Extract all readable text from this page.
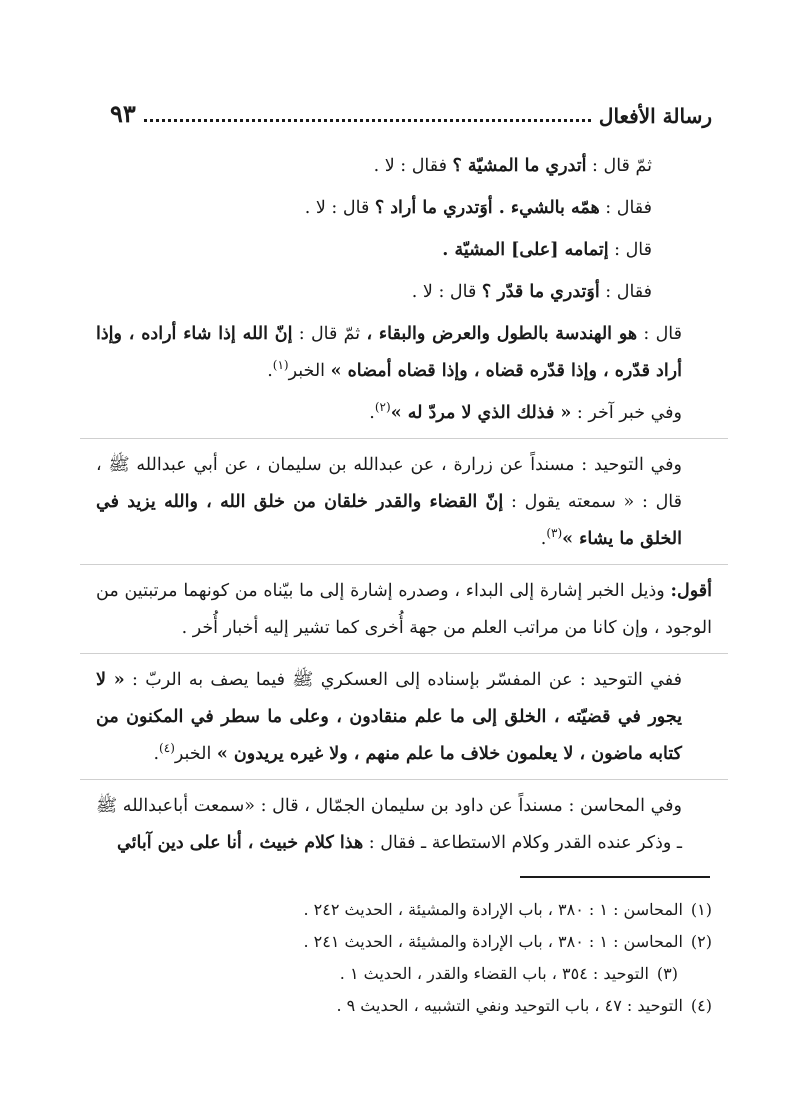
رسالة الأفعال
٩٣

ثمّ قال : أتدري ما المشيّة ؟ فقال : لا .

فقال : همّه بالشيء . أوَتدري ما أراد ؟ قال : لا .

قال : إتمامه [على] المشيّة .

فقال : أوَتدري ما قدّر ؟ قال : لا .

قال : هو الهندسة بالطول والعرض والبقاء ، ثمّ قال : إنّ الله إذا شاء أراده ، وإذا أراد قدّره ، وإذا قدّره قضاه ، وإذا قضاه أمضاه » الخبر$^{(١)}$.

وفي خبر آخر : « فذلك الذي لا مردّ له »$^{(٢)}$.

وفي التوحيد : مسنداً عن زرارة ، عن عبدالله بن سليمان ، عن أبي عبدالله ﷺ ، قال : « سمعته يقول : إنّ القضاء والقدر خلقان من خلق الله ، والله يزيد في الخلق ما يشاء »$^{(٣)}$.

أقول: وذيل الخبر إشارة إلى البداء ، وصدره إشارة إلى ما بيّناه من كونهما مرتبتين من الوجود ، وإن كانا من مراتب العلم من جهة أُخرى كما تشير إليه أخبار أُخر .

ففي التوحيد : عن المفسّر بإسناده إلى العسكري ﷺ فيما يصف به الربّ : « لا يجور في قضيّته ، الخلق إلى ما علم منقادون ، وعلى ما سطر في المكنون من كتابه ماضون ، لا يعلمون خلاف ما علم منهم ، ولا غيره يريدون » الخبر$^{(٤)}$.

وفي المحاسن : مسنداً عن داود بن سليمان الجمّال ، قال : «سمعت أباعبدالله ﷺ ـ وذكر عنده القدر وكلام الاستطاعة ـ فقال : هذا كلام خبيث ، أنا على دين آبائي

(١)المحاسن : ١ : ٣٨٠ ، باب الإرادة والمشيئة ، الحديث ٢٤٢ .
(٢)المحاسن : ١ : ٣٨٠ ، باب الإرادة والمشيئة ، الحديث ٢٤١ .
(٣)التوحيد : ٣٥٤ ، باب القضاء والقدر ، الحديث ١ .
(٤)التوحيد : ٤٧ ، باب التوحيد ونفي التشبيه ، الحديث ٩ .
